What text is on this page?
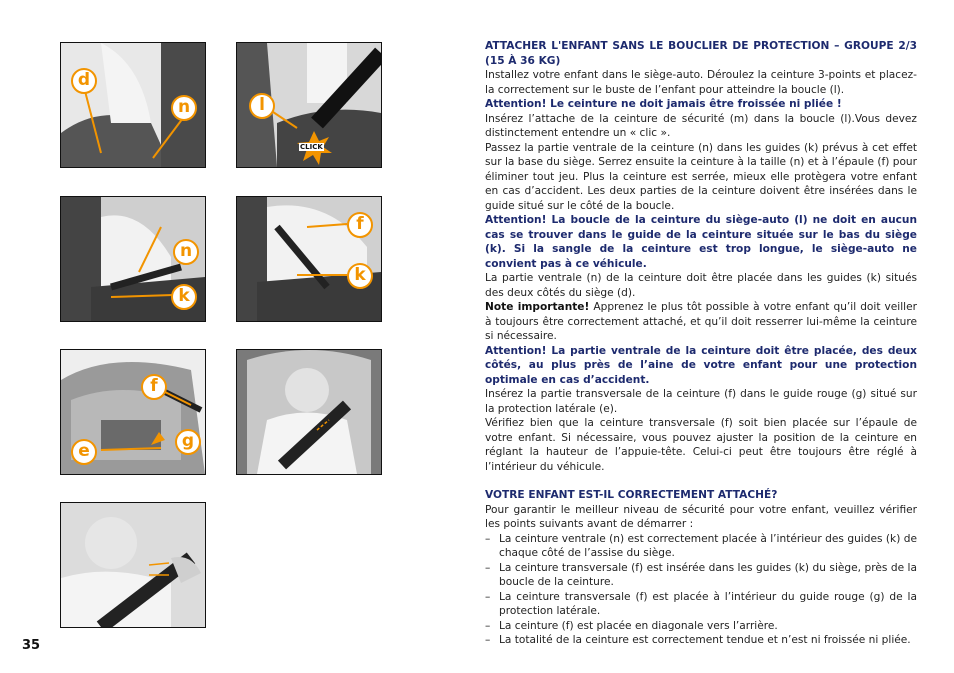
d
n	l
CLICK
n
k
f
k
f
e	g

ATTACHER L'ENFANT SANS LE BOUCLIER DE PROTECTION – GROUPE 2/3 (15 À 36 KG)

Installez votre enfant dans le siège-auto. Déroulez la ceinture 3-points et placez-la correctement sur le buste de l’enfant pour atteindre la boucle (l).

Attention! Le ceinture ne doit jamais être froissée ni pliée !

Insérez l’attache de la ceinture de sécurité (m) dans la boucle (l).Vous devez distinctement entendre un « clic ».

Passez la partie ventrale de la ceinture (n) dans les guides (k) prévus à cet effet sur la base du siège. Serrez ensuite la ceinture à la taille (n) et à l’épaule (f) pour éliminer tout jeu. Plus la ceinture est serrée, mieux elle protègera votre enfant en cas d’accident. Les deux parties de la ceinture doivent être insérées dans le guide situé sur le côté de la boucle.

Attention! La boucle de la ceinture du siège-auto (l) ne doit en aucun cas se trouver dans le guide de la ceinture située sur le bas du siège (k). Si la sangle de la ceinture est trop longue, le siège-auto ne convient pas à ce véhicule.

La partie ventrale (n) de la ceinture doit être placée dans les guides (k) situés des deux côtés du siège (d).

Note importante! Apprenez le plus tôt possible à votre enfant qu’il doit veiller à toujours être correctement attaché, et qu’il doit resserrer lui-même la ceinture si nécessaire.

Attention! La partie ventrale de la ceinture doit être placée, des deux côtés, au plus près de l’aine de votre enfant pour une protection optimale en cas d’accident.

Insérez la partie transversale de la ceinture (f) dans le guide rouge (g) situé sur la protection latérale (e).

Vérifiez bien que la ceinture transversale (f) soit bien placée sur l’épaule de votre enfant. Si nécessaire, vous pouvez ajuster la position de la ceinture en réglant la hauteur de l’appuie-tête. Celui-ci peut être toujours être réglé à l’intérieur du véhicule.

VOTRE ENFANT EST-IL CORRECTEMENT ATTACHÉ?

Pour garantir le meilleur niveau de sécurité pour votre enfant, veuillez vérifier les points suivants avant de démarrer :

– La ceinture ventrale (n) est correctement placée à l’intérieur des guides (k) de chaque côté de l’assise du siège.
– La ceinture transversale (f) est insérée dans les guides (k) du siège, près de la boucle de la ceinture.
– La ceinture transversale (f) est placée à l’intérieur du guide rouge (g) de la protection latérale.
– La ceinture (f) est placée en diagonale vers l’arrière.
– La totalité de la ceinture est correctement tendue et n’est ni froissée ni pliée.
35
